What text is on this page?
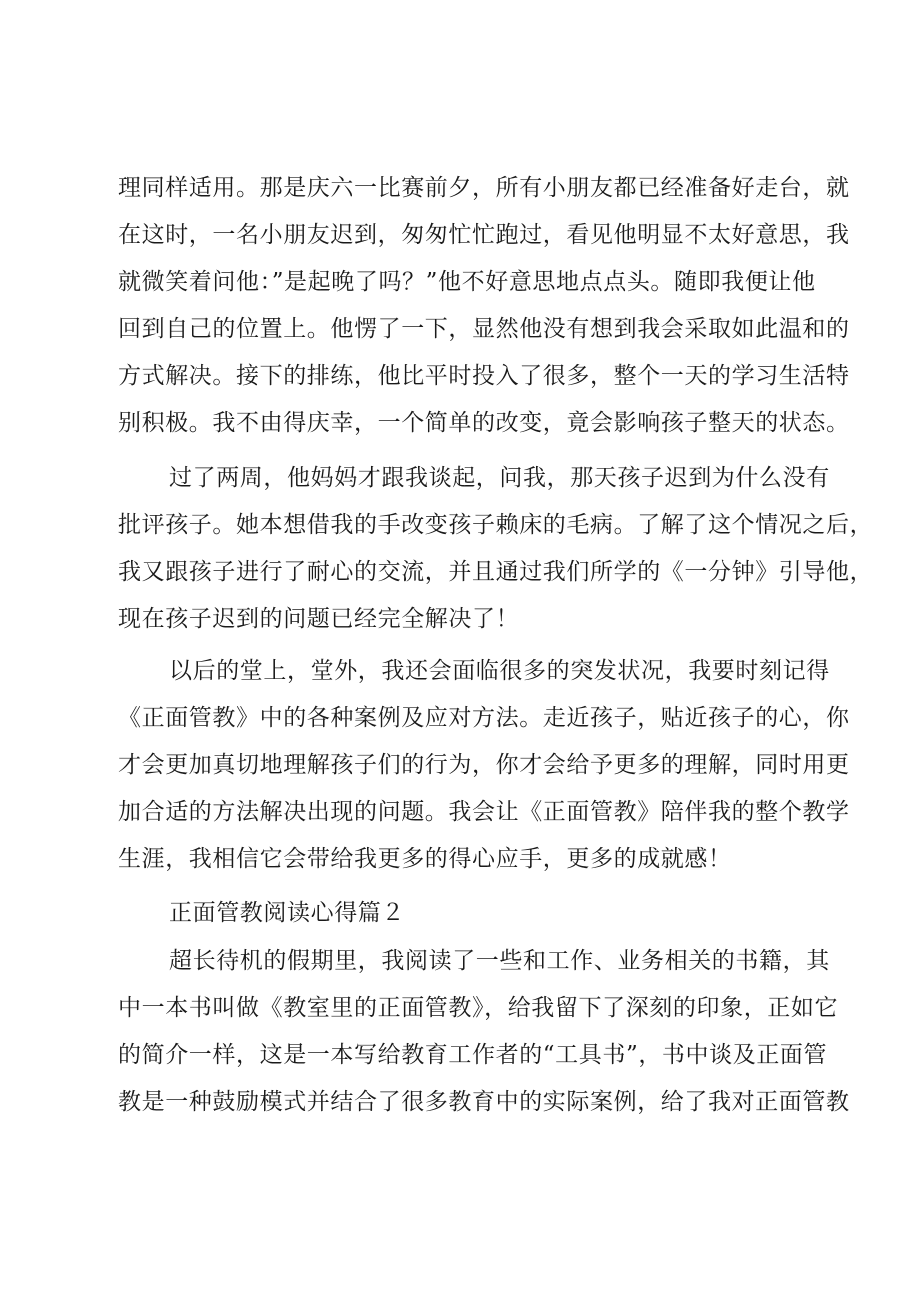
理同样适用。那是庆六一比赛前夕，所有小朋友都已经准备好走台，就
在这时，一名小朋友迟到，匆匆忙忙跑过，看见他明显不太好意思，我
就微笑着问他：”是起晚了吗？”他不好意思地点点头。随即我便让他
回到自己的位置上。他愣了一下，显然他没有想到我会采取如此温和的
方式解决。接下的排练，他比平时投入了很多，整个一天的学习生活特
别积极。我不由得庆幸，一个简单的改变，竟会影响孩子整天的状态。
过了两周，他妈妈才跟我谈起，问我，那天孩子迟到为什么没有
批评孩子。她本想借我的手改变孩子赖床的毛病。了解了这个情况之后，
我又跟孩子进行了耐心的交流，并且通过我们所学的《一分钟》引导他，
现在孩子迟到的问题已经完全解决了！
以后的堂上，堂外，我还会面临很多的突发状况，我要时刻记得
《正面管教》中的各种案例及应对方法。走近孩子，贴近孩子的心，你
才会更加真切地理解孩子们的行为，你才会给予更多的理解，同时用更
加合适的方法解决出现的问题。我会让《正面管教》陪伴我的整个教学
生涯，我相信它会带给我更多的得心应手，更多的成就感！
正面管教阅读心得篇２
超长待机的假期里，我阅读了一些和工作、业务相关的书籍，其
中一本书叫做《教室里的正面管教》，给我留下了深刻的印象，正如它
的简介一样，这是一本写给教育工作者的“工具书”，书中谈及正面管
教是一种鼓励模式并结合了很多教育中的实际案例，给了我对正面管教
